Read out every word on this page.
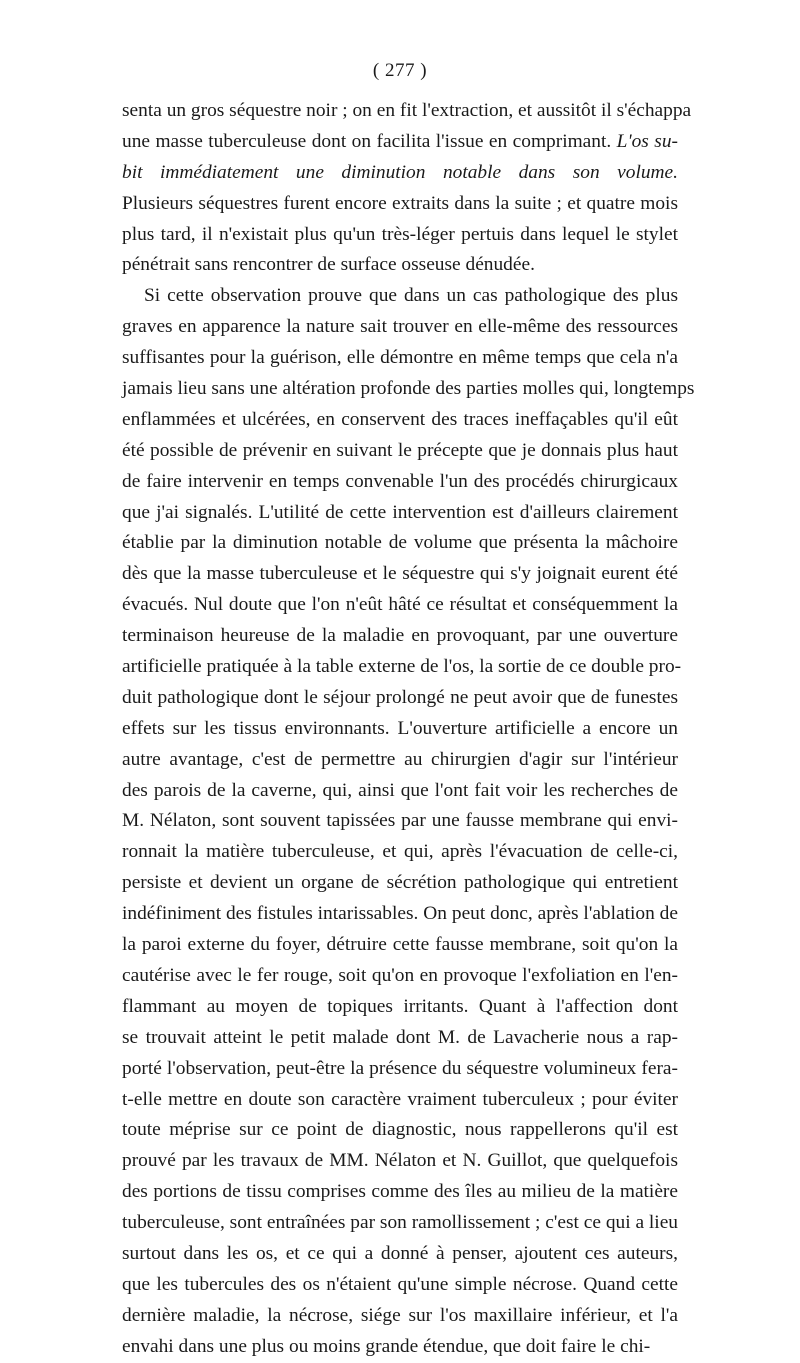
( 277 )
senta un gros séquestre noir ; on en fit l'extraction, et aussitôt il s'échappa
une masse tuberculeuse dont on facilita l'issue en comprimant. L'os su-
bit immédiatement une diminution notable dans son volume.
Plusieurs séquestres furent encore extraits dans la suite ; et quatre mois
plus tard, il n'existait plus qu'un très-léger pertuis dans lequel le stylet
pénétrait sans rencontrer de surface osseuse dénudée.
Si cette observation prouve que dans un cas pathologique des plus
graves en apparence la nature sait trouver en elle-même des ressources
suffisantes pour la guérison, elle démontre en même temps que cela n'a
jamais lieu sans une altération profonde des parties molles qui, longtemps
enflammées et ulcérées, en conservent des traces ineffaçables qu'il eût
été possible de prévenir en suivant le précepte que je donnais plus haut
de faire intervenir en temps convenable l'un des procédés chirurgicaux
que j'ai signalés. L'utilité de cette intervention est d'ailleurs clairement
établie par la diminution notable de volume que présenta la mâchoire
dès que la masse tuberculeuse et le séquestre qui s'y joignait eurent été
évacués. Nul doute que l'on n'eût hâté ce résultat et conséquemment la
terminaison heureuse de la maladie en provoquant, par une ouverture
artificielle pratiquée à la table externe de l'os, la sortie de ce double pro-
duit pathologique dont le séjour prolongé ne peut avoir que de funestes
effets sur les tissus environnants. L'ouverture artificielle a encore un
autre avantage, c'est de permettre au chirurgien d'agir sur l'intérieur
des parois de la caverne, qui, ainsi que l'ont fait voir les recherches de
M. Nélaton, sont souvent tapissées par une fausse membrane qui envi-
ronnait la matière tuberculeuse, et qui, après l'évacuation de celle-ci,
persiste et devient un organe de sécrétion pathologique qui entretient
indéfiniment des fistules intarissables. On peut donc, après l'ablation de
la paroi externe du foyer, détruire cette fausse membrane, soit qu'on la
cautérise avec le fer rouge, soit qu'on en provoque l'exfoliation en l'en-
flammant au moyen de topiques irritants. Quant à l'affection dont
se trouvait atteint le petit malade dont M. de Lavacherie nous a rap-
porté l'observation, peut-être la présence du séquestre volumineux fera-
t-elle mettre en doute son caractère vraiment tuberculeux ; pour éviter
toute méprise sur ce point de diagnostic, nous rappellerons qu'il est
prouvé par les travaux de MM. Nélaton et N. Guillot, que quelquefois
des portions de tissu comprises comme des îles au milieu de la matière
tuberculeuse, sont entraînées par son ramollissement ; c'est ce qui a lieu
surtout dans les os, et ce qui a donné à penser, ajoutent ces auteurs,
que les tubercules des os n'étaient qu'une simple nécrose. Quand cette
dernière maladie, la nécrose, siége sur l'os maxillaire inférieur, et l'a
envahi dans une plus ou moins grande étendue, que doit faire le chi-
